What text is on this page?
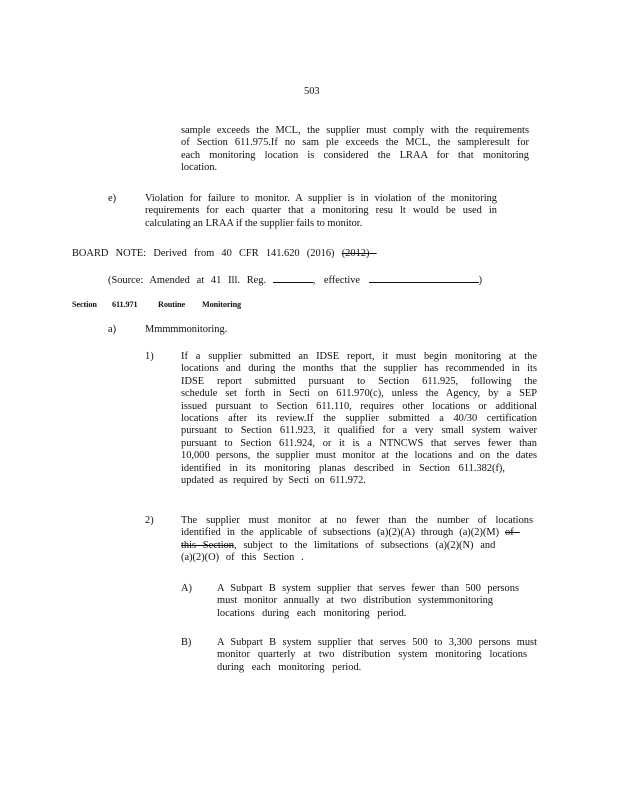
503
sample exceeds the MCL, the supplier must comply with the requirements
of Section 611.975.If no sam ple exceeds the MCL, the sampleresult for
each monitoring location is considered the LRAA for that monitoring
location.
e)	Violation for failure to monitor. A supplier is in violation of the monitoring
requirements for each quarter that a monitoring resu lt would be used in
calculating an LRAA if the supplier fails to monitor.
BOARD NOTE: Derived from 40 CFR 141.620 (2016) (2012)
(Source: Amended at 41 Ill. Reg.	, effective	)
Section 611.971	Routine Monitoring
a)	Mmmmmonitoring.
1)	If a supplier submitted an IDSE report, it must begin monitoring at the
locations and during the months that the supplier has recommended in its
IDSE report submitted pursuant to Section 611.925, following the
schedule set forth in Secti on 611.970(c), unless the Agency, by a SEP
issued pursuant to Section 611.110, requires other locations or additional
locations after its review.If the supplier submitted a 40/30 certification
pursuant to Section 611.923, it qualified for a very small system waiver
pursuant to Section 611.924, or it is a NTNCWS that serves fewer than
10,000 persons, the supplier must monitor at the locations and on the dates
identified in its monitoring planas described in Section 611.382(f),
updated as required by Secti on 611.972.
2)	The supplier must monitor at no fewer than the number of locations
identified in the applicable of subsections (a)(2)(A) through (a)(2)(M) of
this Section, subject to the limitations of subsections (a)(2)(N) and
(a)(2)(O) of this Section .
A) A Subpart B system supplier that serves fewer than 500 persons
must monitor annually at two distribution systemmonitoring
locations during each monitoring period.
B) A Subpart B system supplier that serves 500 to 3,300 persons must
monitor quarterly at two distribution system monitoring locations
during each monitoring period.
